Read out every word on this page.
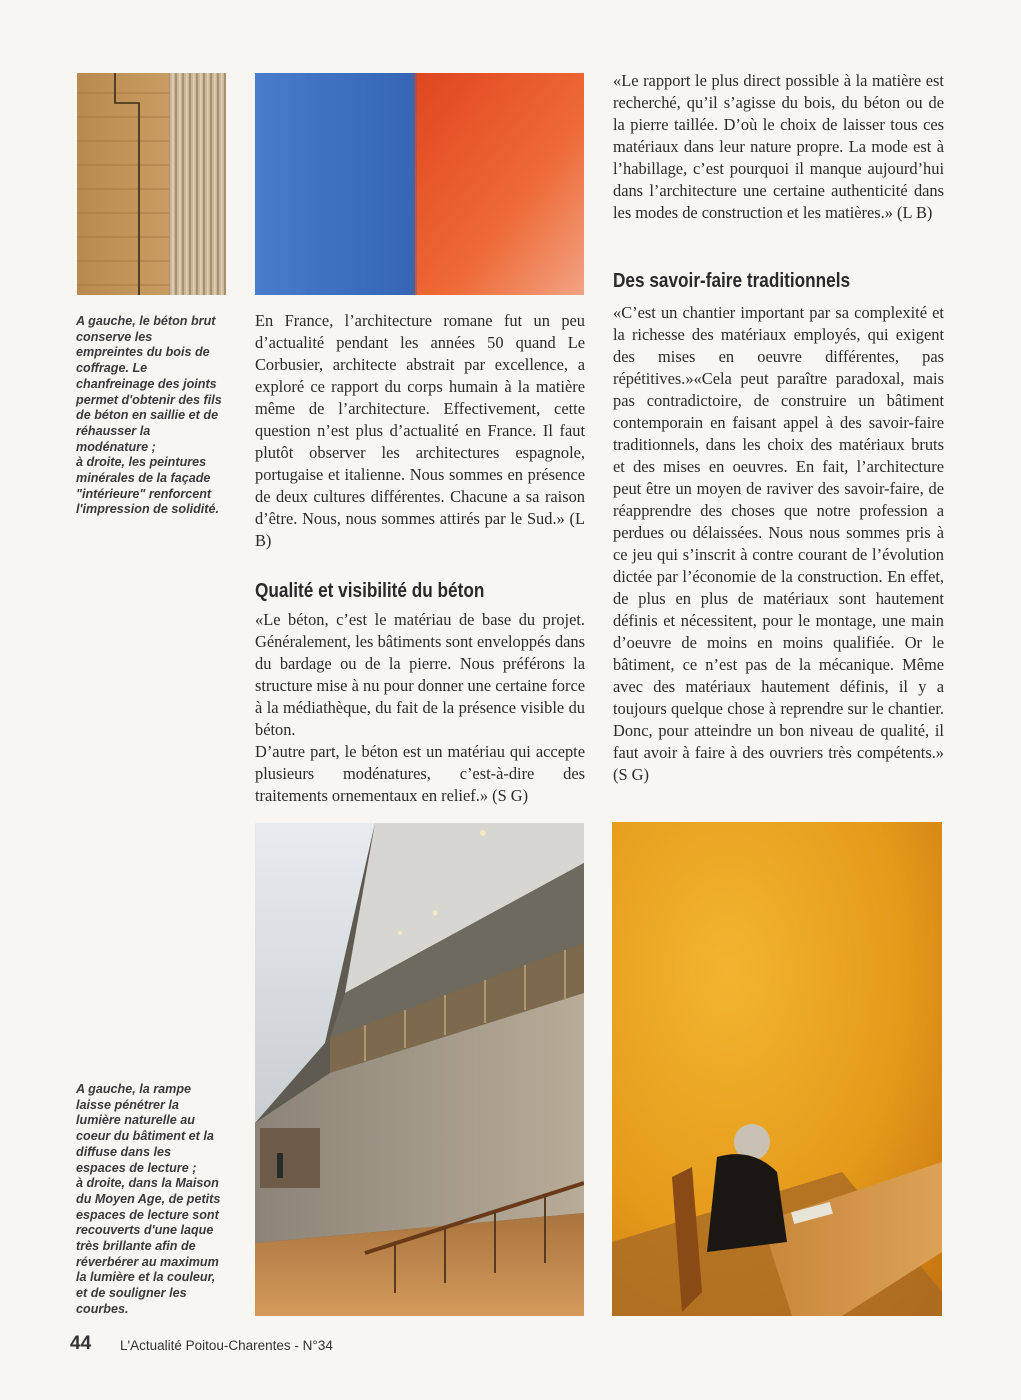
«Le rapport le plus direct possible à la matière est recherché, qu’il s’agisse du bois, du béton ou de la pierre taillée. D’où le choix de laisser tous ces matériaux dans leur nature propre. La mode est à l’habillage, c’est pourquoi il manque aujourd’hui dans l’architecture une certaine authenticité dans les modes de construction et les matières.» (L B)

Des savoir-faire traditionnels

«C’est un chantier important par sa complexité et la richesse des matériaux employés, qui exigent des mises en oeuvre différentes, pas répétitives.»«Cela peut paraître paradoxal, mais pas contradictoire, de construire un bâtiment contemporain en faisant appel à des savoir-faire traditionnels, dans les choix des matériaux bruts et des mises en oeuvres. En fait, l’architecture peut être un moyen de raviver des savoir-faire, de réapprendre des choses que notre profession a perdues ou délaissées. Nous nous sommes pris à ce jeu qui s’inscrit à contre courant de l’évolution dictée par l’économie de la construction. En effet, de plus en plus de matériaux sont hautement définis et nécessitent, pour le montage, une main d’oeuvre de moins en moins qualifiée. Or le bâtiment, ce n’est pas de la mécanique. Même avec des matériaux hautement définis, il y a toujours quelque chose à reprendre sur le chantier. Donc, pour atteindre un bon niveau de qualité, il faut avoir à faire à des ouvriers très compétents.» (S G)

A gauche, le béton brut
conserve les
empreintes du bois de
coffrage. Le
chanfreinage des joints
permet d'obtenir des fils
de béton en saillie et de
réhausser la
modénature ;
à droite, les peintures
minérales de la façade
"intérieure" renforcent
l'impression de solidité.

En France, l’architecture romane fut un peu d’actualité pendant les années 50 quand Le Corbusier, architecte abstrait par excellence, a exploré ce rapport du corps humain à la matière même de l’architecture. Effectivement, cette question n’est plus d’actualité en France. Il faut plutôt observer les architectures espagnole, portugaise et italienne. Nous sommes en présence de deux cultures différentes. Chacune a sa raison d’être. Nous, nous sommes attirés par le Sud.» (L B)

Qualité et visibilité du béton

«Le béton, c’est le matériau de base du projet. Généralement, les bâtiments sont enveloppés dans du bardage ou de la pierre. Nous préférons la structure mise à nu pour donner une certaine force à la médiathèque, du fait de la présence visible du béton.

D’autre part, le béton est un matériau qui accepte plusieurs modénatures, c’est-à-dire des traitements ornementaux en relief.» (S G)

A gauche, la rampe
laisse pénétrer la
lumière naturelle au
coeur du bâtiment et la
diffuse dans les
espaces de lecture ;
à droite, dans la Maison
du Moyen Age, de petits
espaces de lecture sont
recouverts d'une laque
très brillante afin de
réverbérer au maximum
la lumière et la couleur,
et de souligner les
courbes.
44 L'Actualité Poitou-Charentes - N°34
